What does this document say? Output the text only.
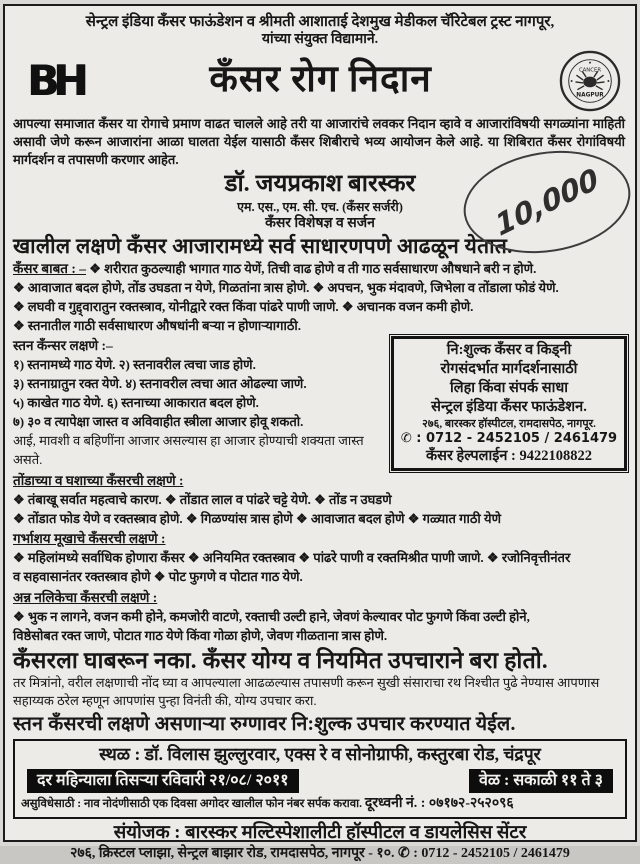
सेन्ट्रल इंडिया कँसर फाऊंडेशन व श्रीमती आशाताई देशमुख मेडीकल चॅरिटेबल ट्रस्ट नागपूर,
यांच्या संयुक्त विद्यामाने.
BH	कँसर रोग निदान	CANCER
NAGPUR
10,000
आपल्या समाजात कँसर या रोगाचे प्रमाण वाढत चालले आहे तरी या आजारांचे लवकर निदान व्हावे व आजारांविषयी सगळ्यांना माहिती असावी जेणे करून आजारांना आळा घालता येईल यासाठी कँसर शिबीराचे भव्य आयोजन केले आहे. या शिबिरात कँसर रोगांविषयी मार्गदर्शन व तपासणी करणार आहेत.
डॉ. जयप्रकाश बारस्कर
एम. एस., एम. सी. एच. (कँसर सर्जरी)
कँसर विशेषज्ञ व सर्जन
खालील लक्षणे कँसर आजारामध्ये सर्व साधारणपणे आढळून येतात.
कँसर बाबत : – ❖ शरीरात कुठल्याही भागात गाठ येणें, तिची वाढ होणे व ती गाठ सर्वसाधारण औषधाने बरी न होणे.
❖ आवाजात बदल होणे, तोंड उघडता न येणे, गिळतांना त्रास होणे. ❖ अपचन, भुक मंदावणे, जिभेला व तोंडाला फोडं येणे.
❖ लघवी व गुद्द्वारातुन रक्तस्त्राव, योनीद्वारे रक्त किंवा पांढरे पाणी जाणे. ❖ अचानक वजन कमी होणे.
❖ स्तनातील गाठी सर्वसाधारण औषधांनी बऱ्या न होणाऱ्यागाठी.
नि:शुल्क कँसर व किड्नी
रोगसंदर्भात मार्गदर्शनासाठी
लिहा किंवा संपर्क साधा
सेन्ट्रल इंडिया कँसर फाऊंडेशन.
२७६, बारस्कर हॉस्पीटल, रामदासपेठ, नागपूर.
✆ : 0712 - 2452105 / 2461479
कँसर हेल्पलाईन : 9422108822
स्तन कँन्सर लक्षणे :–
१) स्तनामध्ये गाठ येणे. २) स्तनावरील त्वचा जाड होणे.
३) स्तनाग्रातुन रक्त येणे. ४) स्तनावरील त्वचा आत ओढल्या जाणे.
५) काखेत गाठ येणे. ६) स्तनाच्या आकारात बदल होणे.
७) ३० व त्यापेक्षा जास्त व अविवाहीत स्त्रीला आजार होवू शकतो.
आई, मावशी व बहिणींना आजार असल्यास हा आजार होण्याची शक्यता जास्त असते.
तोंडाच्या व घशाच्या कँसरची लक्षणे :
❖ तंबाखू सर्वात महत्वाचे कारण. ❖ तोंडात लाल व पांढरे चट्टे येणे. ❖ तोंड न उघडणे
❖ तोंडात फोड येणे व रक्तस्त्राव होणे. ❖ गिळण्यांस त्रास होणे ❖ आवाजात बदल होणे ❖ गळ्यात गाठी येणे
गर्भाशय मूखाचे कँसरची लक्षणे :
❖ महिलांमध्ये सर्वाधिक होणारा कँसर ❖ अनियमित रक्तस्त्राव ❖ पांढरे पाणी व रक्तमिश्रीत पाणी जाणे. ❖ रजोनिवृत्तीनंतर
व सहवासानंतर रक्तस्त्राव होणे ❖ पोट फुगणे व पोटात गाठ येणे.
अन्न नलिकेचा कँसरची लक्षणे :
❖ भुक न लागने, वजन कमी होने, कमजोरी वाटणे, रक्ताची उल्टी हाने, जेवणं केल्यावर पोट फुगणे किंवा उल्टी होने,
विष्ठेसोबत रक्त जाणे, पोटात गाठ येणे किंवा गोळा होणे, जेवण गीळताना त्रास होणे.
कँसरला घाबरून नका. कँसर योग्य व नियमित उपचाराने बरा होतो.
तर मित्रांनो, वरील लक्षणाची नोंद घ्या व आपल्याला आढळल्यास तपासणी करून सुखी संसाराचा रथ निश्चीत पुढे नेण्यास आपणास सहाय्यक ठरेल म्हणून आपणांस पुन्हा विनंती की, योग्य उपचार करा.
स्तन कँसरची लक्षणे असणाऱ्या रुग्णावर नि:शुल्क उपचार करण्यात येईल.
स्थळ : डॉ. विलास झुल्लुरवार, एक्स रे व सोनोग्राफी, कस्तुरबा रोड, चंद्रपूर
दर महिन्याला तिसऱ्या रविवारी २१/०८/ २०११	वेळ : सकाळी ११ ते ३
असुविधेसाठी : नाव नोदंणीसाठी एक दिवसा अगोदर खालील फोन नंबर सर्पक करावा. दूरध्वनी नं. : ०७१७२-२५२०९६
संयोजक : बारस्कर मल्टिस्पेशालीटी हॉस्पीटल व डायलेसिस सेंटर
२७६, क्रिस्टल प्लाझा, सेन्ट्रल बाझार रोड, रामदासपेठ, नागपूर - १०. ✆ : 0712 - 2452105 / 2461479
